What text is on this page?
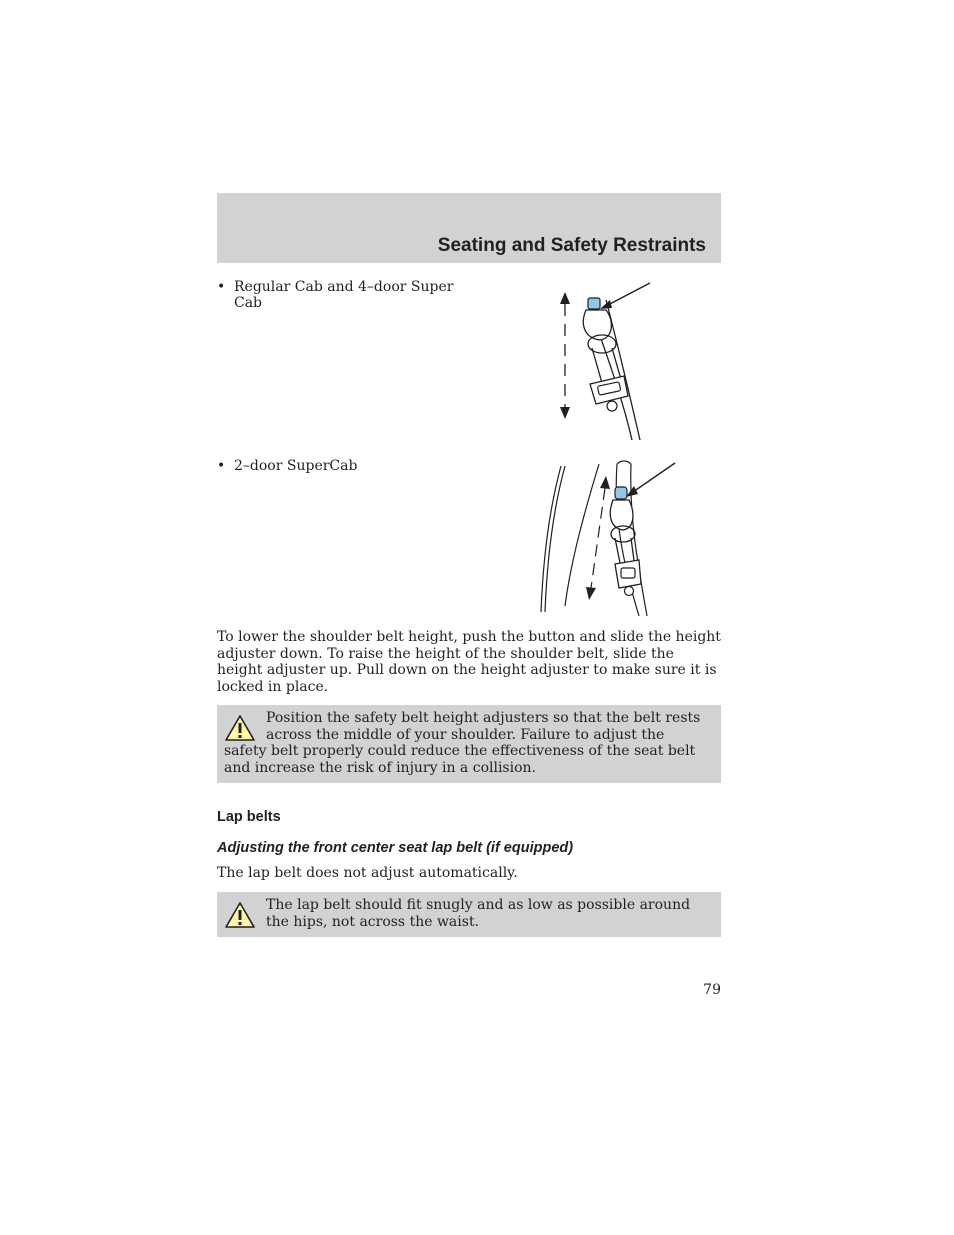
Seating and Safety Restraints
• Regular Cab and 4–door Super Cab
• 2–door SuperCab

To lower the shoulder belt height, push the button and slide the height adjuster down. To raise the height of the shoulder belt, slide the height adjuster up. Pull down on the height adjuster to make sure it is locked in place.

Position the safety belt height adjusters so that the belt rests across the middle of your shoulder. Failure to adjust the safety belt properly could reduce the effectiveness of the seat belt and increase the risk of injury in a collision.
Lap belts
Adjusting the front center seat lap belt (if equipped)

The lap belt does not adjust automatically.

The lap belt should fit snugly and as low as possible around the hips, not across the waist.
79
